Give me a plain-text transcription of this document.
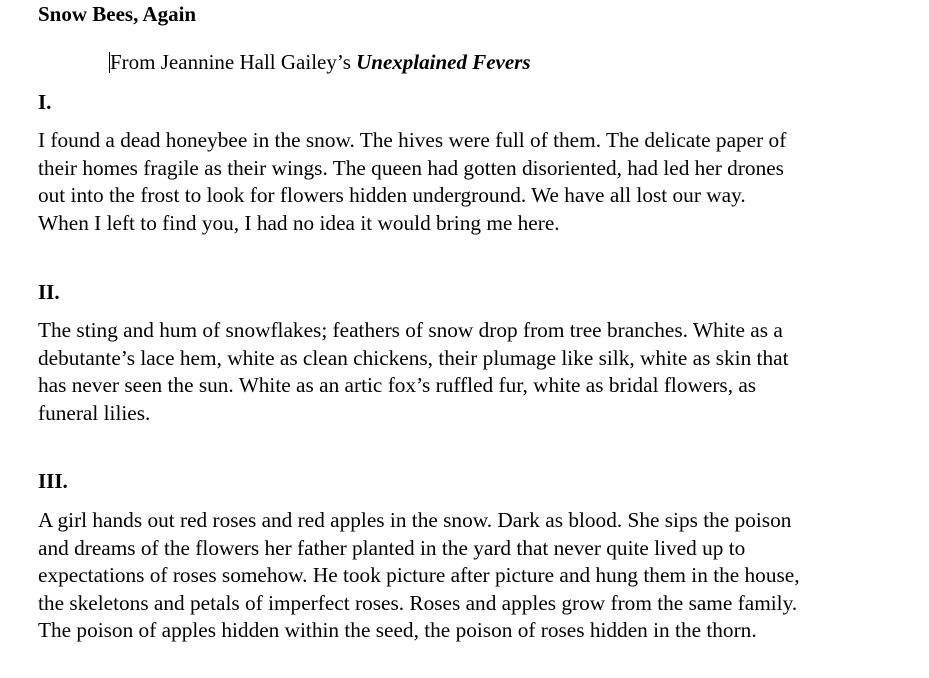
Snow Bees, Again
From Jeannine Hall Gailey’s Unexplained Fevers
I.
I found a dead honeybee in the snow. The hives were full of them. The delicate paper of
their homes fragile as their wings. The queen had gotten disoriented, had led her drones
out into the frost to look for flowers hidden underground. We have all lost our way.
When I left to find you, I had no idea it would bring me here.
II.
The sting and hum of snowflakes; feathers of snow drop from tree branches. White as a
debutante’s lace hem, white as clean chickens, their plumage like silk, white as skin that
has never seen the sun. White as an artic fox’s ruffled fur, white as bridal flowers, as
funeral lilies.
III.
A girl hands out red roses and red apples in the snow. Dark as blood. She sips the poison
and dreams of the flowers her father planted in the yard that never quite lived up to
expectations of roses somehow. He took picture after picture and hung them in the house,
the skeletons and petals of imperfect roses. Roses and apples grow from the same family.
The poison of apples hidden within the seed, the poison of roses hidden in the thorn.
